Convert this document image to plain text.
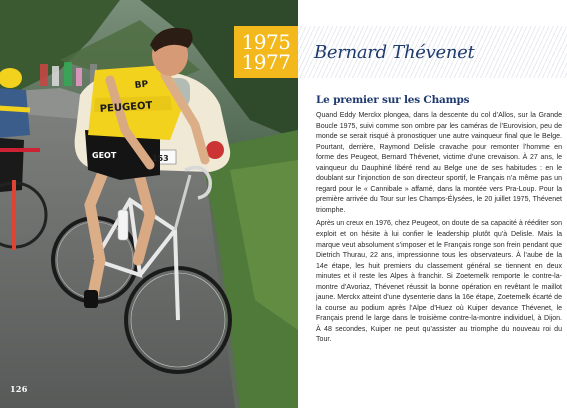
BP
PEUGEOT
GEOT	153
126
1975
1977 Bernard Thévenet
Le premier sur les Champs

Quand Eddy Merckx plongea, dans la descente du col d’Allos, sur la Grande Boucle 1975, suivi comme son ombre par les caméras de l’Eurovision, peu de monde se serait risqué à pronostiquer une autre vainqueur final que le Belge. Pourtant, derrière, Raymond Delisle cravache pour remonter l’homme en forme des Peugeot, Bernard Thévenet, victime d’une crevaison. À 27 ans, le vainqueur du Dauphiné libéré rend au Belge une de ses habitudes : en le doublant sur l’injonction de son directeur sportif, le Français n’a même pas un regard pour le « Cannibale » affamé, dans la montée vers Pra-Loup. Pour la première arrivée du Tour sur les Champs-Élysées, le 20 juillet 1975, Thévenet triomphe.

Après un creux en 1976, chez Peugeot, on doute de sa capacité à rééditer son exploit et on hésite à lui confier le leadership plutôt qu’à Delisle. Mais la marque veut absolument s’imposer et le Français ronge son frein pendant que Dietrich Thurau, 22 ans, impressionne tous les observateurs. À l’aube de la 14e étape, les huit premiers du classement général se tiennent en deux minutes et il reste les Alpes à franchir. Si Zoetemelk remporte le contre-la-montre d’Avoriaz, Thévenet réussit la bonne opération en revêtant le maillot jaune. Merckx atteint d’une dysenterie dans la 16e étape, Zoetemelk écarté de la course au podium après l’Alpe d’Huez où Kuiper devance Thévenet, le Français prend le large dans le troisième contre-la-montre individuel, à Dijon. À 48 secondes, Kuiper ne peut qu’assister au triomphe du nouveau roi du Tour.
